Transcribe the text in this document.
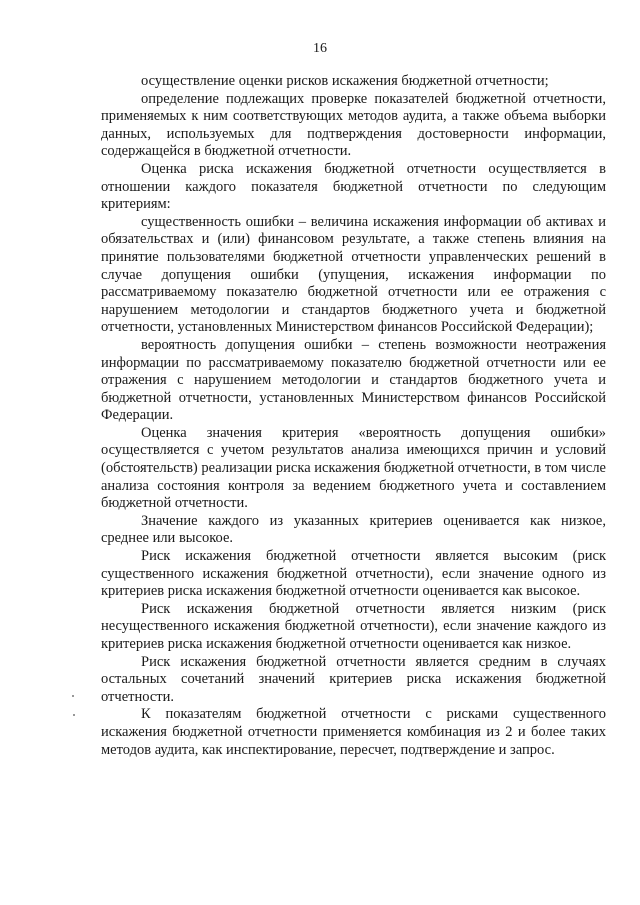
16

осуществление оценки рисков искажения бюджетной отчетности;

определение подлежащих проверке показателей бюджетной отчетности, применяемых к ним соответствующих методов аудита, а также объема выборки данных, используемых для подтверждения достоверности информации, содержащейся в бюджетной отчетности.

Оценка риска искажения бюджетной отчетности осуществляется в отношении каждого показателя бюджетной отчетности по следующим критериям:

существенность ошибки – величина искажения информации об активах и обязательствах и (или) финансовом результате, а также степень влияния на принятие пользователями бюджетной отчетности управленческих решений в случае допущения ошибки (упущения, искажения информации по рассматриваемому показателю бюджетной отчетности или ее отражения с нарушением методологии и стандартов бюджетного учета и бюджетной отчетности, установленных Министерством финансов Российской Федерации);

вероятность допущения ошибки – степень возможности неотражения информации по рассматриваемому показателю бюджетной отчетности или ее отражения с нарушением методологии и стандартов бюджетного учета и бюджетной отчетности, установленных Министерством финансов Российской Федерации.

Оценка значения критерия «вероятность допущения ошибки» осуществляется с учетом результатов анализа имеющихся причин и условий (обстоятельств) реализации риска искажения бюджетной отчетности, в том числе анализа состояния контроля за ведением бюджетного учета и составлением бюджетной отчетности.

Значение каждого из указанных критериев оценивается как низкое, среднее или высокое.

Риск искажения бюджетной отчетности является высоким (риск существенного искажения бюджетной отчетности), если значение одного из критериев риска искажения бюджетной отчетности оценивается как высокое.

Риск искажения бюджетной отчетности является низким (риск несущественного искажения бюджетной отчетности), если значение каждого из критериев риска искажения бюджетной отчетности оценивается как низкое.

Риск искажения бюджетной отчетности является средним в случаях остальных сочетаний значений критериев риска искажения бюджетной отчетности.

К показателям бюджетной отчетности с рисками существенного искажения бюджетной отчетности применяется комбинация из 2 и более таких методов аудита, как инспектирование, пересчет, подтверждение и запрос.
